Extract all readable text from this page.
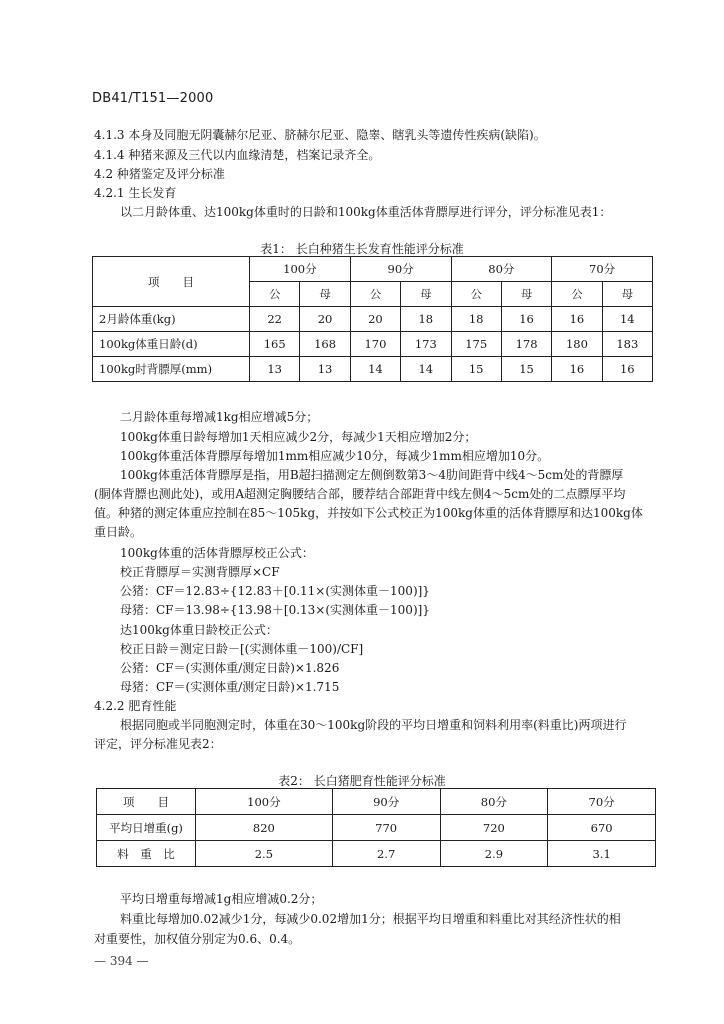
DB41/T151—2000
4.1.3 本身及同胞无阴囊赫尔尼亚、脐赫尔尼亚、隐睾、瞎乳头等遗传性疾病(缺陷)。
4.1.4 种猪来源及三代以内血缘清楚，档案记录齐全。
4.2 种猪鉴定及评分标准
4.2.1 生长发育
以二月龄体重、达100kg体重时的日龄和100kg体重活体背膘厚进行评分，评分标准见表1：
表1： 长白种猪生长发育性能评分标准
项　　目	100分		90分		80分		70分	
	公	母	公	母	公	母	公	母
2月龄体重(kg)	22	20	20	18	18	16	16	14
100kg体重日龄(d)	165	168	170	173	175	178	180	183
100kg时背膘厚(mm)	13	13	14	14	15	15	16	16
二月龄体重每增减1kg相应增减5分；
100kg体重日龄每增加1天相应减少2分，每减少1天相应增加2分；
100kg体重活体背膘厚每增加1mm相应减少10分，每减少1mm相应增加10分。
100kg体重活体背膘厚是指，用B超扫描测定左侧倒数第3～4肋间距背中线4～5cm处的背膘厚
(胴体背膘也测此处)，或用A超测定胸腰结合部，腰荐结合部距背中线左侧4～5cm处的二点膘厚平均
值。种猪的测定体重应控制在85～105kg，并按如下公式校正为100kg体重的活体背膘厚和达100kg体
重日龄。
100kg体重的活体背膘厚校正公式：
校正背膘厚＝实测背膘厚×CF
公猪：CF＝12.83÷{12.83＋[0.11×(实测体重－100)]}
母猪：CF＝13.98÷{13.98＋[0.13×(实测体重－100)]}
达100kg体重日龄校正公式：
校正日龄＝测定日龄－[(实测体重－100)/CF]
公猪：CF＝(实测体重/测定日龄)×1.826
母猪：CF＝(实测体重/测定日龄)×1.715
4.2.2 肥育性能
根据同胞或半同胞测定时，体重在30～100kg阶段的平均日增重和饲料利用率(料重比)两项进行
评定，评分标准见表2：
表2： 长白猪肥育性能评分标准
项　　目	100分	90分	80分	70分
平均日增重(g)	820	770	720	670
料　重　比	2.5	2.7	2.9	3.1
平均日增重每增减1g相应增减0.2分；
料重比每增加0.02减少1分，每减少0.02增加1分；根据平均日增重和料重比对其经济性状的相
对重要性，加权值分别定为0.6、0.4。
— 394 —
